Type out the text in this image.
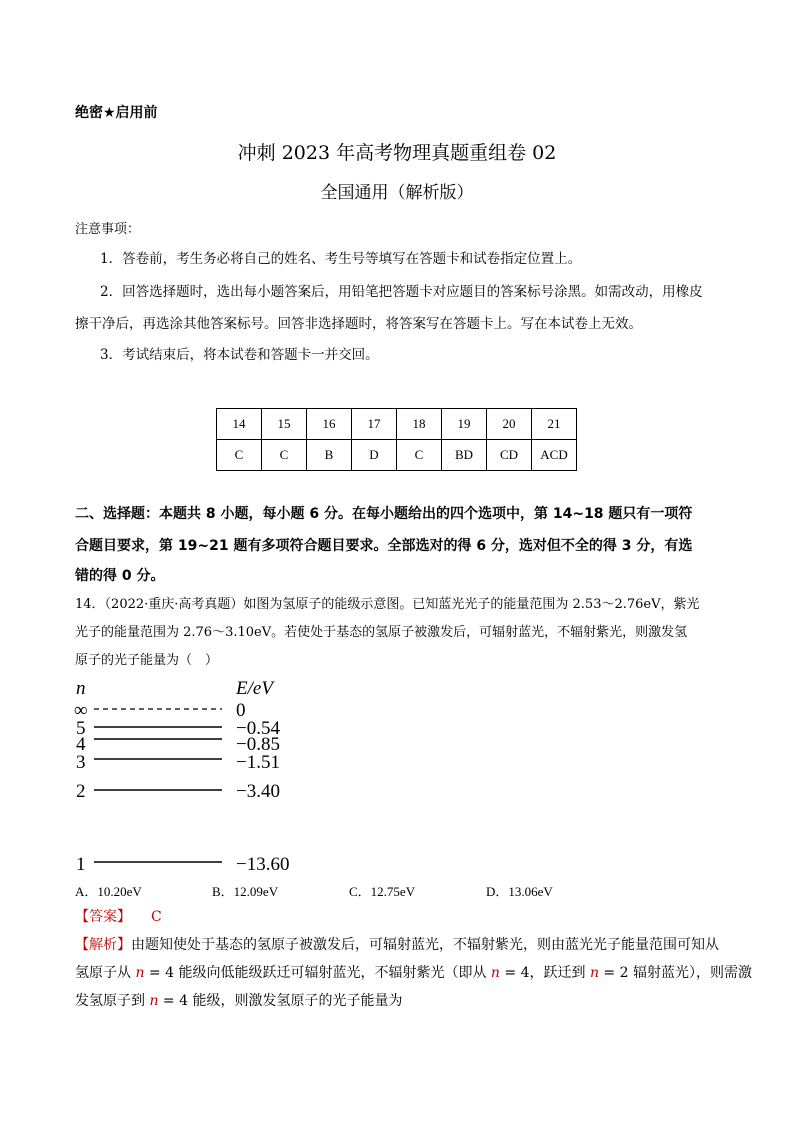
绝密★启用前
冲刺 2023 年高考物理真题重组卷 02
全国通用（解析版）
注意事项：
1．答卷前，考生务必将自己的姓名、考生号等填写在答题卡和试卷指定位置上。
2．回答选择题时，选出每小题答案后，用铅笔把答题卡对应题目的答案标号涂黑。如需改动，用橡皮
擦干净后，再选涂其他答案标号。回答非选择题时，将答案写在答题卡上。写在本试卷上无效。
3．考试结束后，将本试卷和答题卡一并交回。
14	15	16	17	18	19	20	21
C	C	B	D	C	BD	CD	ACD
二、选择题：本题共 8 小题，每小题 6 分。在每小题给出的四个选项中，第 14~18 题只有一项符
合题目要求，第 19~21 题有多项符合题目要求。全部选对的得 6 分，选对但不全的得 3 分，有选
错的得 0 分。
14．（2022·重庆·高考真题）如图为氢原子的能级示意图。已知蓝光光子的能量范围为 2.53～2.76eV，紫光
光子的能量范围为 2.76～3.10eV。若使处于基态的氢原子被激发后，可辐射蓝光，不辐射紫光，则激发氢
原子的光子能量为（　）
n	E/eV
∞	0
5	−0.54
4	−0.85
3	−1.51
2	−3.40
1	−13.60
A．10.20eV	B．12.09eV	C．12.75eV	D．13.06eV
【答案】 C
【解析】由题知使处于基态的氢原子被激发后，可辐射蓝光，不辐射紫光，则由蓝光光子能量范围可知从
氢原子从 n = 4 能级向低能级跃迁可辐射蓝光，不辐射紫光（即从 n = 4，跃迁到 n = 2 辐射蓝光），则需激
发氢原子到 n = 4 能级，则激发氢原子的光子能量为
